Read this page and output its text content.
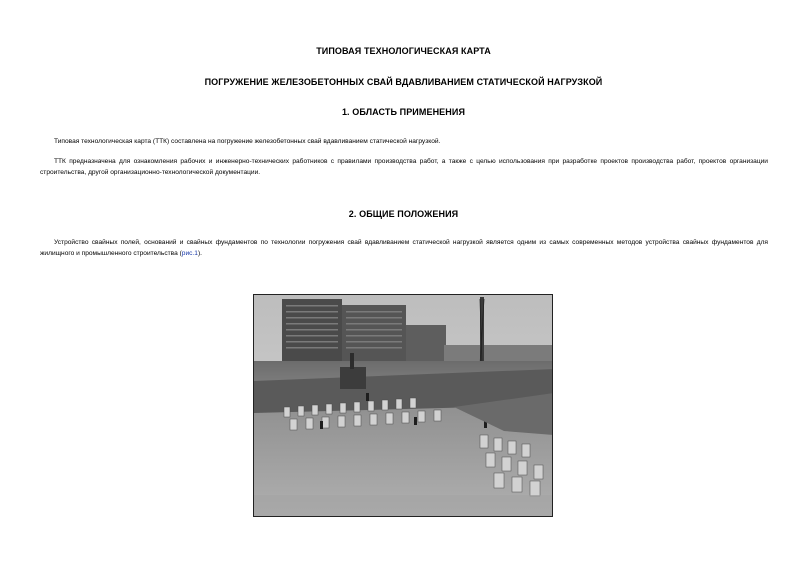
ТИПОВАЯ ТЕХНОЛОГИЧЕСКАЯ КАРТА
ПОГРУЖЕНИЕ ЖЕЛЕЗОБЕТОННЫХ СВАЙ ВДАВЛИВАНИЕМ СТАТИЧЕСКОЙ НАГРУЗКОЙ
1. ОБЛАСТЬ ПРИМЕНЕНИЯ
Типовая технологическая карта (ТТК) составлена на погружение железобетонных свай вдавливанием статической нагрузкой.
ТТК предназначена для ознакомления рабочих и инженерно-технических работников с правилами производства работ, а также с целью использования при разработке проектов производства работ, проектов организации строительства, другой организационно-технологической документации.
2. ОБЩИЕ ПОЛОЖЕНИЯ
Устройство свайных полей, оснований и свайных фундаментов по технологии погружения свай вдавливанием статической нагрузкой является одним из самых современных методов устройства свайных фундаментов для жилищного и промышленного строительства (рис.1).
